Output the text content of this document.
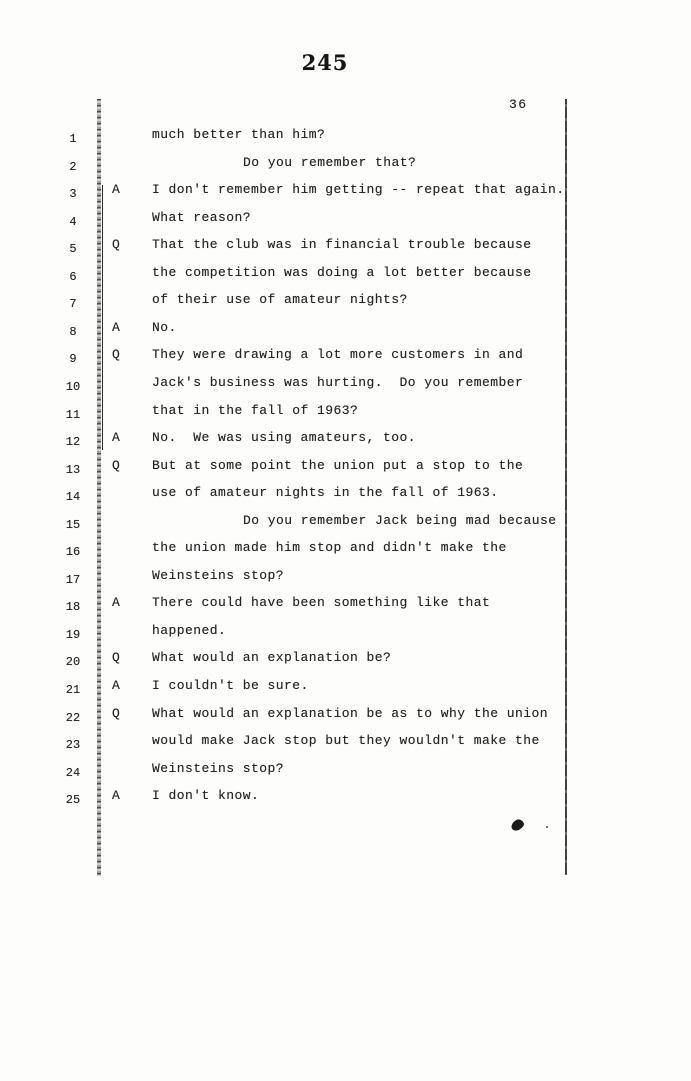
245
36
1	much better than him?
2	Do you remember that?
3	A I don't remember him getting -- repeat that again.
4	What reason?
5	Q That the club was in financial trouble because
6	the competition was doing a lot better because
7	of their use of amateur nights?
8	A No.
9	Q They were drawing a lot more customers in and
10	Jack's business was hurting.  Do you remember
11	that in the fall of 1963?
12	A No.  We was using amateurs, too.
13	Q But at some point the union put a stop to the
14	use of amateur nights in the fall of 1963.
15	Do you remember Jack being mad because
16	the union made him stop and didn't make the
17	Weinsteins stop?
18	A There could have been something like that
19	happened.
20	Q What would an explanation be?
21	A I couldn't be sure.
22	Q What would an explanation be as to why the union
23	would make Jack stop but they wouldn't make the
24	Weinsteins stop?
25	A I don't know.
